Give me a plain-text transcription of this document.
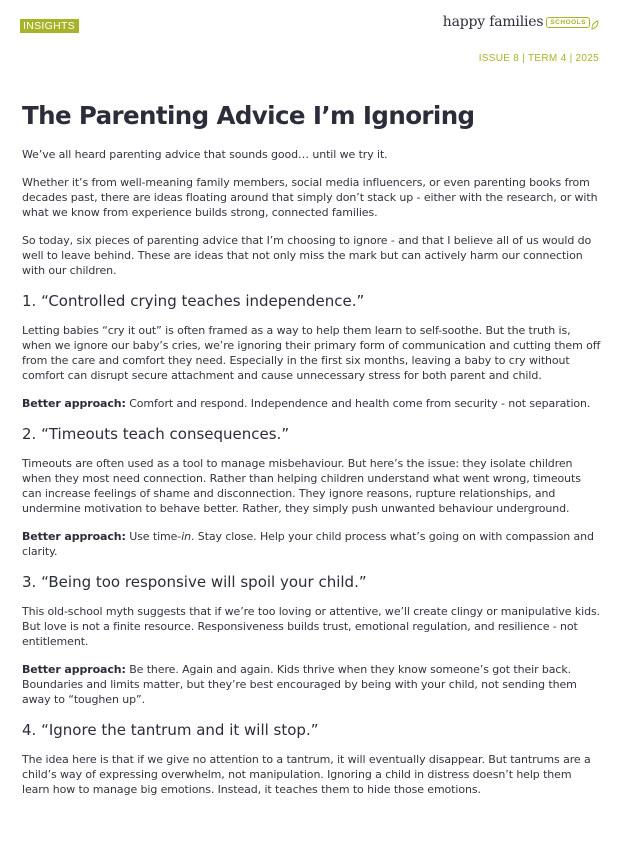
INSIGHTS	happy families	SCHOOLS
ISSUE 8 | TERM 4 | 2025
The Parenting Advice I’m Ignoring

We’ve all heard parenting advice that sounds good… until we try it.

Whether it’s from well-meaning family members, social media influencers, or even parenting books from decades past, there are ideas floating around that simply don’t stack up - either with the research, or with what we know from experience builds strong, connected families.

So today, six pieces of parenting advice that I’m choosing to ignore - and that I believe all of us would do well to leave behind. These are ideas that not only miss the mark but can actively harm our connection with our children.

1. “Controlled crying teaches independence.”

Letting babies “cry it out” is often framed as a way to help them learn to self-soothe. But the truth is, when we ignore our baby’s cries, we’re ignoring their primary form of communication and cutting them off from the care and comfort they need. Especially in the first six months, leaving a baby to cry without comfort can disrupt secure attachment and cause unnecessary stress for both parent and child.

Better approach: Comfort and respond. Independence and health come from security - not separation.

2. “Timeouts teach consequences.”

Timeouts are often used as a tool to manage misbehaviour. But here’s the issue: they isolate children when they most need connection. Rather than helping children understand what went wrong, timeouts can increase feelings of shame and disconnection. They ignore reasons, rupture relationships, and undermine motivation to behave better. Rather, they simply push unwanted behaviour underground.

Better approach: Use time-in. Stay close. Help your child process what’s going on with compassion and clarity.

3. “Being too responsive will spoil your child.”

This old-school myth suggests that if we’re too loving or attentive, we’ll create clingy or manipulative kids. But love is not a finite resource. Responsiveness builds trust, emotional regulation, and resilience - not entitlement.

Better approach: Be there. Again and again. Kids thrive when they know someone’s got their back. Boundaries and limits matter, but they’re best encouraged by being with your child, not sending them away to “toughen up”.

4. “Ignore the tantrum and it will stop.”

The idea here is that if we give no attention to a tantrum, it will eventually disappear. But tantrums are a child’s way of expressing overwhelm, not manipulation. Ignoring a child in distress doesn’t help them learn how to manage big emotions. Instead, it teaches them to hide those emotions.
